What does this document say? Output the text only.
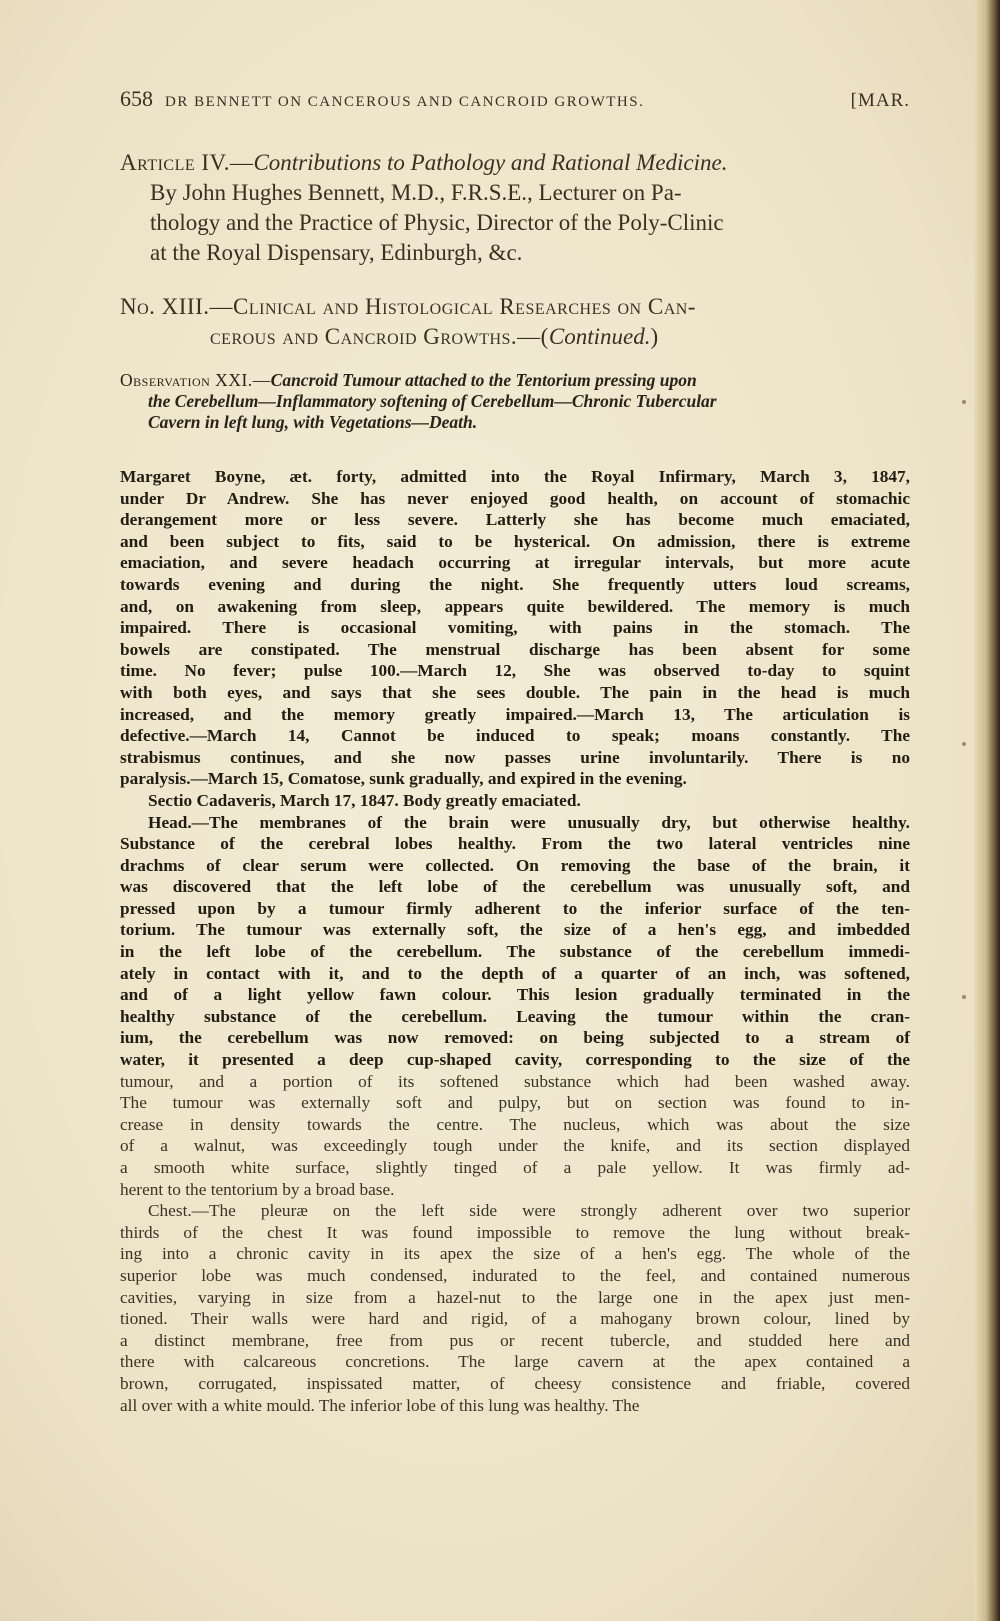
658 DR BENNETT ON CANCEROUS AND CANCROID GROWTHS.	[MAR.
Article IV.—Contributions to Pathology and Rational Medicine.
By John Hughes Bennett, M.D., F.R.S.E., Lecturer on Pa-
thology and the Practice of Physic, Director of the Poly-Clinic
at the Royal Dispensary, Edinburgh, &c.
No. XIII.—Clinical and Histological Researches on Can-
cerous and Cancroid Growths.—(Continued.)
Observation XXI.—Cancroid Tumour attached to the Tentorium pressing upon
the Cerebellum—Inflammatory softening of Cerebellum—Chronic Tubercular
Cavern in left lung, with Vegetations—Death.
Margaret Boyne, æt. forty, admitted into the Royal Infirmary, March 3, 1847,
under Dr Andrew. She has never enjoyed good health, on account of stomachic
derangement more or less severe. Latterly she has become much emaciated,
and been subject to fits, said to be hysterical. On admission, there is extreme
emaciation, and severe headach occurring at irregular intervals, but more acute
towards evening and during the night. She frequently utters loud screams,
and, on awakening from sleep, appears quite bewildered. The memory is much
impaired. There is occasional vomiting, with pains in the stomach. The
bowels are constipated. The menstrual discharge has been absent for some
time. No fever; pulse 100.—March 12, She was observed to-day to squint
with both eyes, and says that she sees double. The pain in the head is much
increased, and the memory greatly impaired.—March 13, The articulation is
defective.—March 14, Cannot be induced to speak; moans constantly. The
strabismus continues, and she now passes urine involuntarily. There is no
paralysis.—March 15, Comatose, sunk gradually, and expired in the evening.
Sectio Cadaveris, March 17, 1847. Body greatly emaciated.
Head.—The membranes of the brain were unusually dry, but otherwise healthy.
Substance of the cerebral lobes healthy. From the two lateral ventricles nine
drachms of clear serum were collected. On removing the base of the brain, it
was discovered that the left lobe of the cerebellum was unusually soft, and
pressed upon by a tumour firmly adherent to the inferior surface of the ten-
torium. The tumour was externally soft, the size of a hen's egg, and imbedded
in the left lobe of the cerebellum. The substance of the cerebellum immedi-
ately in contact with it, and to the depth of a quarter of an inch, was softened,
and of a light yellow fawn colour. This lesion gradually terminated in the
healthy substance of the cerebellum. Leaving the tumour within the cran-
ium, the cerebellum was now removed: on being subjected to a stream of
water, it presented a deep cup-shaped cavity, corresponding to the size of the
tumour, and a portion of its softened substance which had been washed away.
The tumour was externally soft and pulpy, but on section was found to in-
crease in density towards the centre. The nucleus, which was about the size
of a walnut, was exceedingly tough under the knife, and its section displayed
a smooth white surface, slightly tinged of a pale yellow. It was firmly ad-
herent to the tentorium by a broad base.
Chest.—The pleuræ on the left side were strongly adherent over two superior
thirds of the chest It was found impossible to remove the lung without break-
ing into a chronic cavity in its apex the size of a hen's egg. The whole of the
superior lobe was much condensed, indurated to the feel, and contained numerous
cavities, varying in size from a hazel-nut to the large one in the apex just men-
tioned. Their walls were hard and rigid, of a mahogany brown colour, lined by
a distinct membrane, free from pus or recent tubercle, and studded here and
there with calcareous concretions. The large cavern at the apex contained a
brown, corrugated, inspissated matter, of cheesy consistence and friable, covered
all over with a white mould. The inferior lobe of this lung was healthy. The
